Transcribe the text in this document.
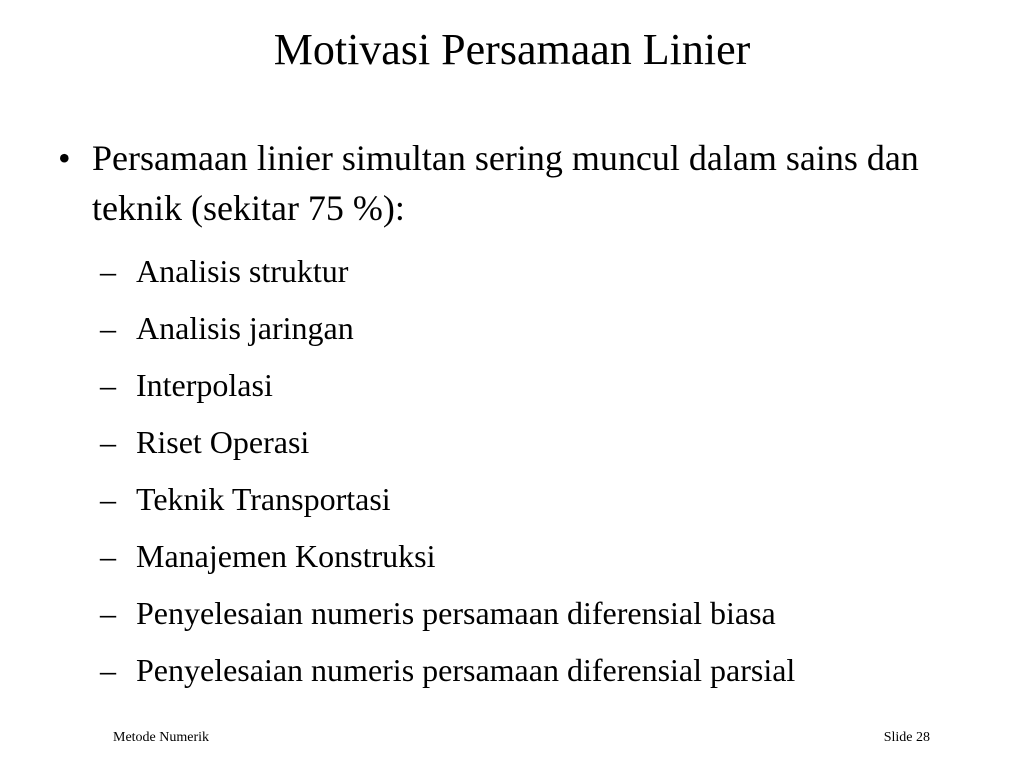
Motivasi Persamaan Linier
• Persamaan linier simultan sering muncul dalam sains dan teknik (sekitar 75 %):
– Analisis struktur
– Analisis jaringan
– Interpolasi
– Riset Operasi
– Teknik Transportasi
– Manajemen Konstruksi
– Penyelesaian numeris persamaan diferensial biasa
– Penyelesaian numeris persamaan diferensial parsial
Metode Numerik	Slide 28
